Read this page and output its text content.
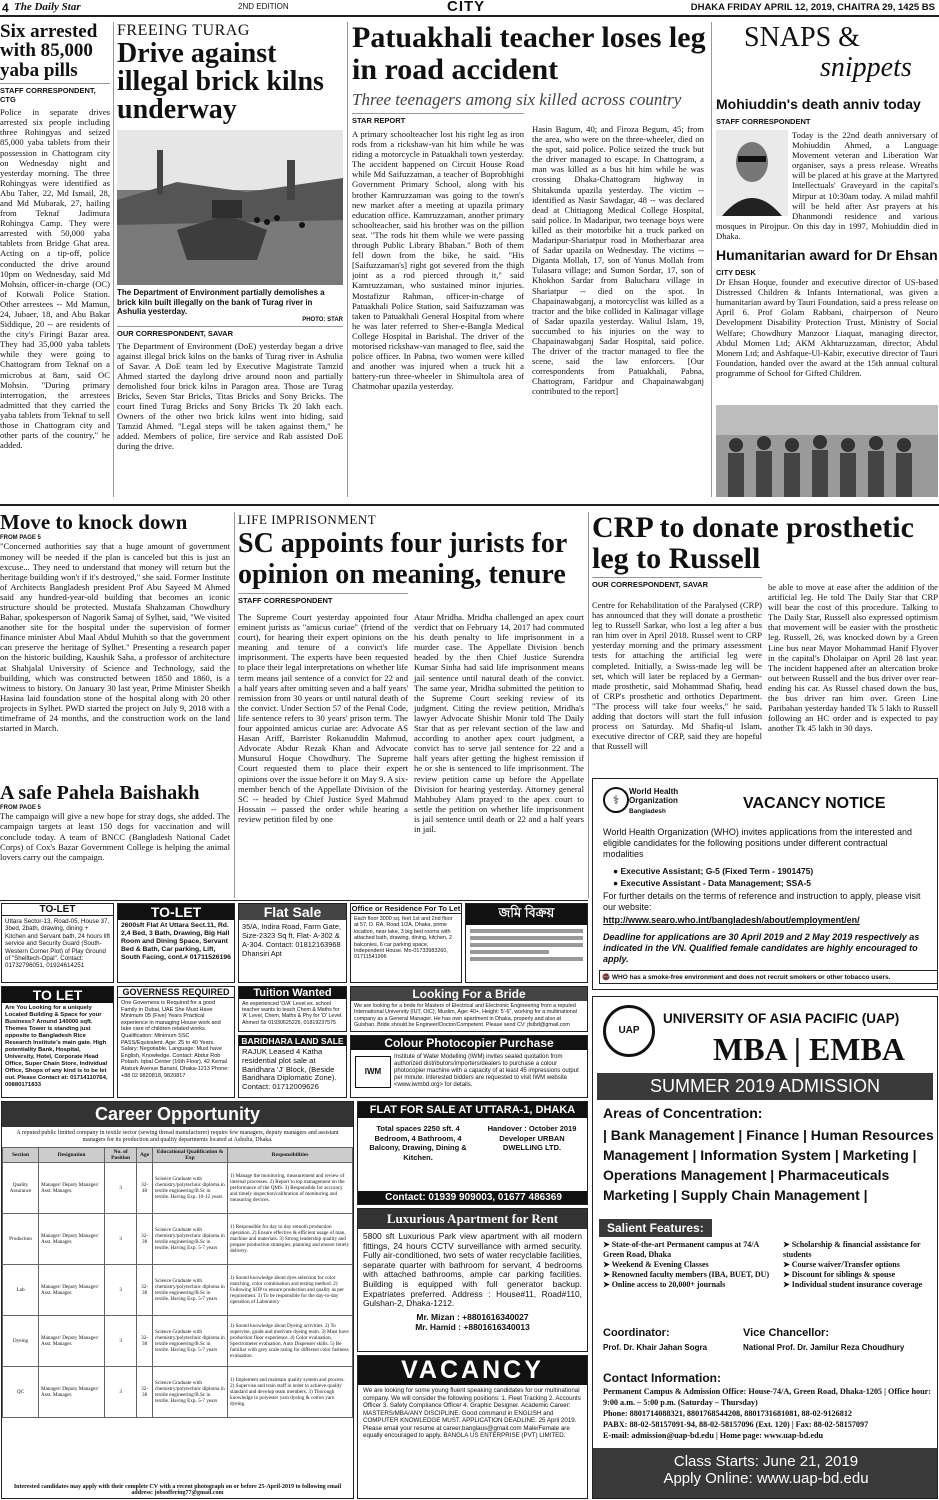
4 The Daily Star	2ND EDITION	CITY	DHAKA FRIDAY APRIL 12, 2019, CHAITRA 29, 1425 BS
Six arrested with 85,000 yaba pills
STAFF CORRESPONDENT, CTG
Police in separate drives arrested six people including three Rohingyas and seized 85,000 yaba tablets from their possession in Chattogram city on Wednesday night and yesterday morning. The three Rohingyas were identified as Abu Taher, 22, Md Ismail, 28, and Md Mubarak, 27, hailing from Teknaf Jadimura Rohingya Camp. They were arrested with 50,000 yaba tablets from Bridge Ghat area. Acting on a tip-off, police conducted the drive around 10pm on Wednesday, said Md Mohsin, officer-in-charge (OC) of Kotwali Police Station. Other arrestees -- Md Mamun, 24, Jubaer, 18, and Abu Bakar Siddique, 20 -- are residents of the city's Firingi Bazar area. They had 35,000 yaba tablets while they were going to Chattogram from Teknaf on a microbus at 8am, said OC Mohsin. "During primary interrogation, the arrestees admitted that they carried the yaba tablets from Teknaf to sell those in Chattogram city and other parts of the country," he added.
FREEING TURAG
Drive against illegal brick kilns underway
The Department of Environment partially demolishes a brick kiln built illegally on the bank of Turag river in Ashulia yesterday.
PHOTO: STAR
OUR CORRESPONDENT, SAVAR
The Department of Environment (DoE) yesterday began a drive against illegal brick kilns on the banks of Turag river in Ashulia of Savar. A DoE team led by Executive Magistrate Tamzid Ahmed started the daylong drive around noon and partially demolished four brick kilns in Paragon area. Those are Turag Bricks, Seven Star Bricks, Titas Bricks and Sony Bricks. The court fined Turag Bricks and Sony Bricks Tk 20 lakh each. Owners of the other two brick kilns went into hiding, said Tamzid Ahmed. "Legal steps will be taken against them," he added. Members of police, fire service and Rab assisted DoE during the drive.
Patuakhali teacher loses leg in road accident
Three teenagers among six killed across country
STAR REPORT
A primary schoolteacher lost his right leg as iron rods from a rickshaw-van hit him while he was riding a motorcycle in Patuakhali town yesterday. The accident happened on Circuit House Road while Md Saifuzzaman, a teacher of Boprobhighi Government Primary School, along with his brother Kamruzzaman was going to the town's new market after a meeting at upazila primary education office. Kamruzzaman, another primary schoolteacher, said his brother was on the pillion seat. "The rods hit them while we were passing through Public Library Bhaban." Both of them fell down from the bike, he said. "His [Saifuzzaman's] right got severed from the thigh joint as a rod pierced through it," said Kamruzzaman, who sustained minor injuries. Mostafizur Rahman, officer-in-charge of Patuakhali Police Station, said Saifuzzaman was taken to Patuakhali General Hospital from where he was later referred to Sher-e-Bangla Medical College Hospital in Barishal. The driver of the motorised rickshaw-van managed to flee, said the police officer. In Pabna, two women were killed and another was injured when a truck hit a battery-run three-wheeler in Shimultola area of Chatmohar upazila yesterday.
Hasin Bagum, 40; and Firoza Begum, 45; from the area, who were on the three-wheeler, died on the spot, said police. Police seized the truck but the driver managed to escape. In Chattogram, a man was killed as a bus hit him while he was crossing Dhaka-Chattogram highway in Shitakunda upazila yesterday. The victim -- identified as Nasir Sawdagar, 48 -- was declared dead at Chittagong Medical College Hospital, said police. In Madaripur, two teenage boys were killed as their motorbike hit a truck parked on Madaripur-Shariatpur road in Motherbazar area of Sadar upazila on Wednesday. The victims -- Diganta Mollah, 17, son of Yunus Mollah from Tulasara village; and Sumon Sordar, 17, son of Khokhon Sardar from Baluchara village in Shariatpur -- died on the spot. In Chapainawabganj, a motorcyclist was killed as a tractor and the bike collided in Kalinagar village of Sadar upazila yesterday. Waliul Islam, 19, succumbed to his injuries on the way to Chapainawabganj Sadar Hospital, said police. The driver of the tractor managed to flee the scene, said the law enforcers. [Our correspondents from Patuakhali, Pabna, Chattogram, Faridpur and Chapainawabganj contributed to the report]
SNAPS &
snippets
Mohiuddin's death anniv today
STAFF CORRESPONDENT
Today is the 22nd death anniversary of Mohiuddin Ahmed, a Language Movement veteran and Liberation War organiser, says a press release. Wreaths will be placed at his grave at the Martyred Intellectuals' Graveyard in the capital's Mirpur at 10:30am today. A milad mahfil will be held after Asr prayers at his Dhanmondi residence and various mosques in Pirojpur. On this day in 1997, Mohiuddin died in Dhaka.
Humanitarian award for Dr Ehsan
CITY DESK
Dr Ehsan Hoque, founder and executive director of US-based Distressed Children & Infants International, was given a humanitarian award by Tauri Foundation, said a press release on April 6. Prof Golam Rabbani, chairperson of Neuro Development Disability Protection Trust, Ministry of Social Welfare; Chowdhury Manzoor Liaquat, managing director, Abdul Momen Ltd; AKM Akhtaruzzaman, director, Abdul Monem Ltd; and Ashfaque-Ul-Kabir, executive director of Tauri Foundation, handed over the award at the 15th annual cultural programme of School for Gifted Children.
Move to knock down
FROM PAGE 5
"Concerned authorities say that a huge amount of government money will be needed if the plan is canceled but this is just an excuse... They need to understand that money will return but the heritage building won't if it's destroyed," she said. Former Institute of Architects Bangladesh president Prof Abu Sayeed M Ahmed said any hundred-year-old building that becomes an iconic structure should be protected. Mustafa Shahzaman Chowdhury Bahar, spokesperson of Nagorik Samaj of Sylhet, said, "We visited another site for the hospital under the supervision of former finance minister Abul Maal Abdul Muhith so that the government can preserve the heritage of Sylhet." Presenting a research paper on the historic building, Kaushik Saha, a professor of architecture at Shahjalal University of Science and Technology, said the building, which was constructed between 1850 and 1860, is a witness to history. On January 30 last year, Prime Minister Sheikh Hasina laid foundation stone of the hospital along with 20 other projects in Sylhet. PWD started the project on July 9, 2018 with a timeframe of 24 months, and the construction work on the land started in March.
A safe Pahela Baishakh
FROM PAGE 5
The campaign will give a new hope for stray dogs, she added. The campaign targets at least 150 dogs for vaccination and will conclude today. A team of BNCC (Bangladesh National Cadet Corps) of Cox's Bazar Government College is helping the animal lovers carry out the campaign.
LIFE IMPRISONMENT
SC appoints four jurists for opinion on meaning, tenure
STAFF CORRESPONDENT
The Supreme Court yesterday appointed four eminent jurists as "amicus curiae" (friend of the court), for hearing their expert opinions on the meaning and tenure of a convict's life imprisonment. The experts have been requested to place their legal interpretations on whether life term means jail sentence of a convict for 22 and a half years after omitting seven and a half years' remission from 30 years or until natural death of the convict. Under Section 57 of the Penal Code, life sentence refers to 30 years' prison term. The four appointed amicus curiae are: Advocate AS Hasan Ariff, Barrister Rokanuddin Mahmud, Advocate Abdur Rezak Khan and Advocate Munsurul Hoque Chowdhury. The Supreme Court requested them to place their expert opinions over the issue before it on May 9. A six-member bench of the Appellate Division of the SC -- headed by Chief Justice Syed Mahmud Hossain -- passed the order while hearing a review petition filed by one
Ataur Mridha. Mridha challenged an apex court verdict that on February 14, 2017 had commuted his death penalty to life imprisonment in a murder case. The Appellate Division bench headed by the then Chief Justice Surendra Kumar Sinha had said life imprisonment means jail sentence until natural death of the convict. The same year, Mridha submitted the petition to the Supreme Court seeking review of its judgment. Citing the review petition, Mridha's lawyer Advocate Shishir Monir told The Daily Star that as per relevant section of the law and according to another apex court judgment, a convict has to serve jail sentence for 22 and a half years after getting the highest remission if he or she is sentenced to life imprisonment. The review petition came up before the Appellate Division for hearing yesterday. Attorney general Mahbubey Alam prayed to the apex court to settle the petition on whether life imprisonment is jail sentence until death or 22 and a half years in jail.
CRP to donate prosthetic leg to Russell
OUR CORRESPONDENT, SAVAR
Centre for Rehabilitation of the Paralysed (CRP) has announced that they will donate a prosthetic leg to Russell Sarkar, who lost a leg after a bus ran him over in April 2018. Russel went to CRP yesterday morning and the primary assessment tests for attaching the artificial leg were completed. Initially, a Swiss-made leg will be set, which will later be replaced by a German-made prosthetic, said Mohammad Shafiq, head of CRP's prosthetic and orthotics Department. "The process will take four weeks," he said, adding that doctors will start the full infusion process on Saturday. Md Shafiq-ul Islam, executive director of CRP, said they are hopeful that Russell will
be able to move at ease after the addition of the artificial leg. He told The Daily Star that CRP will bear the cost of this procedure. Talking to The Daily Star, Russell also expressed optimism that movement will be easier with the prosthetic leg. Russell, 26, was knocked down by a Green Line bus near Mayor Mohammad Hanif Flyover in the capital's Dholaipar on April 28 last year. The incident happened after an altercation broke out between Russell and the bus driver over rear-ending his car. As Russel chased down the bus, the bus driver ran him over. Green Line Paribahan yesterday handed Tk 5 lakh to Russell following an HC order and is expected to pay another Tk 45 lakh in 30 days.
⚕
World Health Organization
Bangladesh	VACANCY NOTICE
World Health Organization (WHO) invites applications from the interested and eligible candidates for the following positions under different contractual modalities
● Executive Assistant; G-5 (Fixed Term - 1901475)
● Executive Assistant - Data Management; SSA-5
For further details on the terms of reference and instruction to apply, please visit our website:
http://www.searo.who.int/bangladesh/about/employment/en/
Deadline for applications are 30 April 2019 and 2 May 2019 respectively as indicated in the VN. Qualified female candidates are highly encouraged to apply.
🚭 WHO has a smoke-free environment and does not recruit smokers or other tobacco users.
TO-LET
Uttara Sector-13, Road-05, House 37, 3bed, 2bath, drawing, dining + Kitchen and Servant bath, 24 hours lift service and Security Guard (South-Western Corner Plot) of Play Ground of "Shelltech-Opal". Contact: 01732796051, 01924614251
TO-LET
2600sft Flat At Uttara Sect.11, Rd. 2,4 Bed, 3 Bath, Drawing, Big Hall Room and Dining Space, Servant Bed & Bath, Car parking, Lift, South Facing, cont.# 01711526196
Flat Sale
35/A, Indira Road, Farm Gate, Size-2323 Sq ft, Flat- A-302 & A-304. Contact: 01812163968 Dhansiri Apt
Office or Residence For To Let
Each floor 3000 sq. feet 1st and 2nd floor at 57, D. RA, Road 1/2A, Dhaka, prime location, near lake, 3 big bed rooms with attached bath, drawing, dining, kitchen, 2 balconies, 6 car parking space, Independent House. Mo-01733983260, 01711541996
জমি বিক্রয়
TO LET
Are You Looking for a uniquely Located Building & Space for your Business? Around 140000 sqft. Themes Tower is standing just opposite to Bangladesh Rice Research Institute's main gate. High potentiality Bank, Hospital, University, Hotel, Corporate Head Office, Super Chain Store, Individual Office, Shops of any kind is to be let out. Please Contact at: 01714110764, 00880171833
GOVERNESS REQUIRED
One Governess is Required for a good Family in Dubai, UAE She Must Have Minimum 05 (Five) Years Practical experience in managing House work and take care of children related works. Qualification: Minimum SSC PASS/Equivalent. Age: 25 to 40 Years. Salary: Negotiable. Language: Must have English, Knowledge. Contact: Abdur Rob Polash. Iqbal Center (16th Floor), 42 Kemal Ataturk Avenue Banani, Dhaka-1213 Phone: +88 02 9820818, 9820817
Tuition Wanted
An experienced 'O/A' Level ex. school teacher wants to teach Chem & Maths for 'A' Level, Chem, Maths & Phy for 'O' Level. Ahmed Sir 01930625226, 01819237575
Looking For a Bride
We are looking for a bride for Masters of Electrical and Electronic Engineering from a reputed International University (IUT, OIC); Muslim, Age: 40+, Height: 5'-6", working for a multinational company as a General Manager. He has own apartment in Dhaka, properly and also at Gulshan. Bride should be Engineer/Doctor/Competent. Please send CV: jfslbd@gmail.com
BARIDHARA LAND SALE
RAJUK Leased 4 Katha residential plot sale at Baridhara 'J' Block, (Beside Baridhara Diplomatic Zone). Contact: 01712009626
Colour Photocopier Purchase
IWM
Institute of Water Modelling (IWM) invites sealed quotation from authorized distributors/importers/dealers to purchase a colour photocopier machine with a capacity of at least 45 impressions output per minute. Interested bidders are requested to visit IWM website <www.iwmbd.org> for details.
Career Opportunity
A reputed public limited company in textile sector (sewing thread manufacturer) require few managers, deputy managers and assistant managers for its production and quality departments located at Ashulia, Dhaka.
Section	Designation	No. of Position	Age	Educational Qualification & Exp	Responsibilities
Quality Assurance	Manager/ Deputy Manager/ Asst. Manager.	3	32-40	Science Graduate with chemistry/polytechnic diploma in textile engineering/B.Sc in textile. Having Exp. 10-12 years	1) Manage the monitoring, measurement and review of internal processes. 2) Report to top management on the performance of the QMS. 3) Responsible for accuracy and timely inspection/calibration of monitoring and measuring devices.
Production	Manager/ Deputy Manager/ Asst. Manager.	3	32-38	Science Graduate with chemistry/polytechnic diploma in textile engineering/B.Sc in textile. Having Exp. 5-7 years	1) Responsible for day to day smooth production operation. 2) Ensure effective & efficient usage of man, machine and materials. 3) Strong leadership quality and prepare production strategies, planning and ensure timely delivery.
Lab	Manager/ Deputy Manager/ Asst. Manager.	3	32-38	Science Graduate with chemistry/polytechnic diploma in textile engineering/B.Sc in textile. Having Exp. 5-7 years	1) Sound knowledge about dyes selection for color matching, color combination and testing method. 2) Following SOP to ensure production and quality as per requirement. 3) To be responsible for the day-to-day operation of Laboratory
Dyeing	Manager/ Deputy Manager/ Asst. Manager.	3	32-38	Science Graduate with chemistry/polytechnic diploma in textile engineering/B.Sc in textile. Having Exp. 5-7 years	1) Sound knowledge about Dyeing activities. 2) To supervise, guide and motivate dyeing team. 3) Must have production floor experience. 4) Color evaluation, Spectrometer evaluation, Auto Dispenser skills. 5) Be familiar with grey scale rating for different color fastness evaluation.
QC	Manager/ Deputy Manager/ Asst. Manager.	3	32-38	Science Graduate with chemistry/polytechnic diploma in textile engineering/B.Sc in textile. Having Exp. 5-7 years	1) Implement and maintain quality system and process. 2) Supervise and train staff in order to achieve quality standard and develop team members. 3) Thorough knowledge in polyester yarn dyeing & cotton yarn dyeing.
Interested candidates may apply with their complete CV with a recent photograph on or before 25-April-2019 to following email address: jobsoffering77@gmail.com
FLAT FOR SALE AT UTTARA-1, DHAKA
Total spaces 2250 sft. 4 Bedroom, 4 Bathroom, 4 Balcony, Drawing, Dining & Kitchen.
Handover : October 2019 Developer URBAN DWELLING LTD.
Contact: 01939 909003, 01677 486369
Luxurious Apartment for Rent
5800 sft Luxurious Park view apartment with all modern fittings, 24 hours CCTV surveillance with armed security. Fully air-conditioned, two sets of water recyclable facilities, separate quarter with bathroom for servant, 4 bedrooms with attached bathrooms, ample car parking facilities. Building is equipped with full generator backup. Expatriates preferred. Address : House#11, Road#110, Gulshan-2, Dhaka-1212.
Mr. Mizan : +8801616340027
Mr. Hamid : +8801616340013
VACANCY
We are looking for some young fluent speaking candidates for our multinational company. We will consider the following positions: 1. Fleet Tracking 2. Accounts Officer 3. Safety Compliance Officer 4. Graphic Designer. Academic Career: MASTERS/MBA/ANY DISCIPLINE. Good command in ENGLISH and COMPUTER KNOWLEDGE MUST. APPLICATION DEADLINE: 25 April 2019. Please email your resume at career.banglaus@gmail.com Male/Female are equally encouraged to apply. BANGLA US ENTERPRISE (PVT) LIMITED.
UAP
UNIVERSITY OF ASIA PACIFIC (UAP)
MBA | EMBA
SUMMER 2019 ADMISSION
Areas of Concentration:
| Bank Management | Finance | Human Resources
Management | Information System | Marketing |
Operations Management | Pharmaceuticals
Marketing | Supply Chain Management |
Salient Features:
➤ State-of-the-art Permanent campus at 74/A Green Road, Dhaka
➤ Weekend & Evening Classes
➤ Renowned faculty members (IBA, BUET, DU)
➤ Online access to 20,000+ journals
➤ Scholarship & financial assistance for students
➤ Course waiver/Transfer options
➤ Discount for siblings & spouse
➤ Individual student insurance coverage
Coordinator:
Prof. Dr. Khair Jahan Sogra
Vice Chancellor:
National Prof. Dr. Jamilur Reza Choudhury
Contact Information:
Permanent Campus & Admission Office: House-74/A, Green Road, Dhaka-1205 | Office hour: 9:00 a.m. – 5:00 p.m. (Saturday – Thursday)
Phone: 8801714088321, 8801768544208, 8801731681081, 88-02-9126812
PABX: 88-02-58157091-94, 88-02-58157096 (Ext. 120) | Fax: 88-02-58157097
E-mail: admission@uap-bd.edu | Home page: www.uap-bd.edu
Class Starts: June 21, 2019
Apply Online: www.uap-bd.edu
